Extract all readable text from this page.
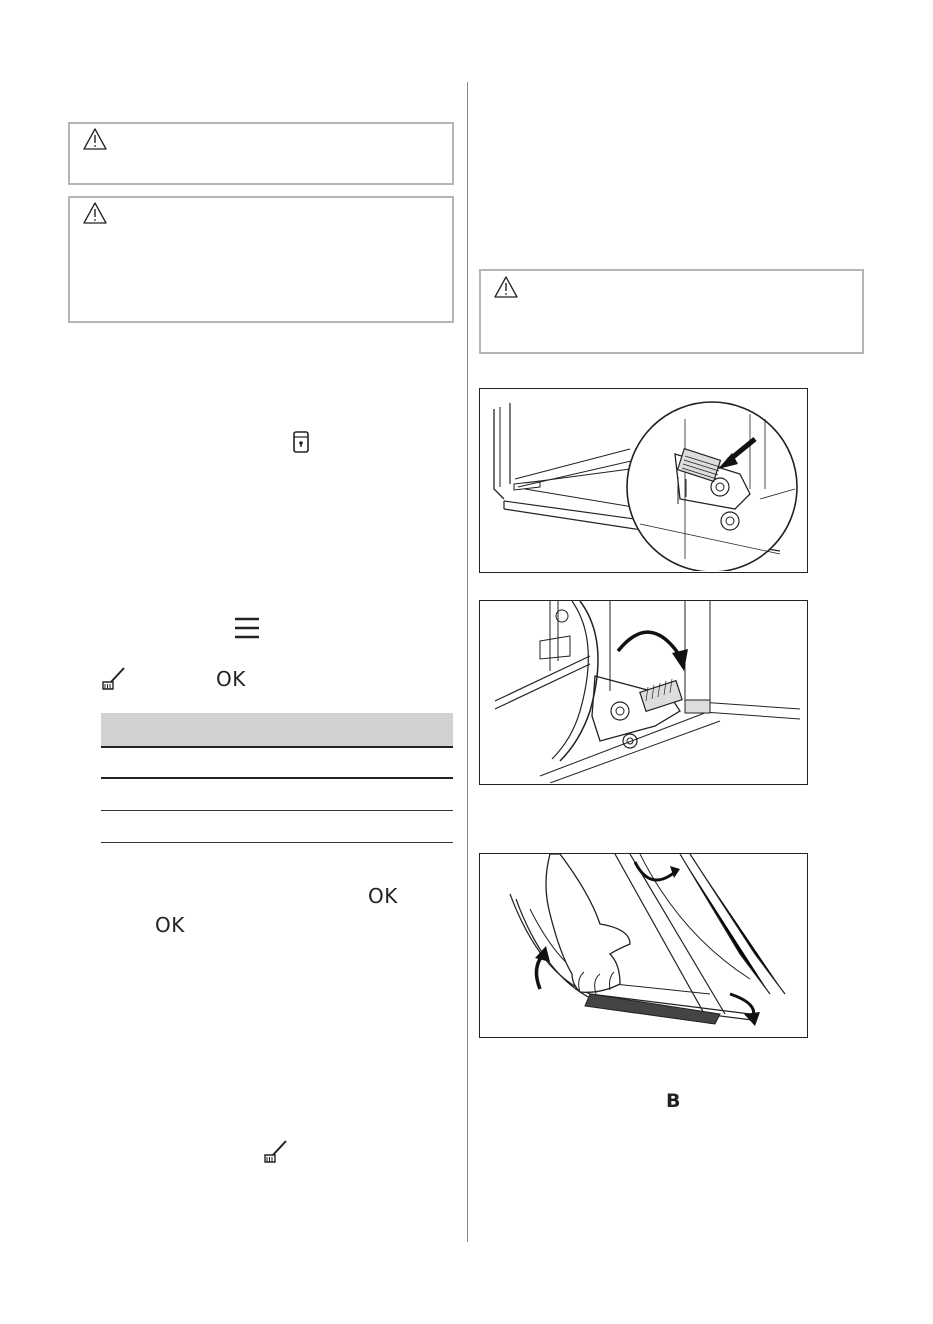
OK
OK
OK
B
